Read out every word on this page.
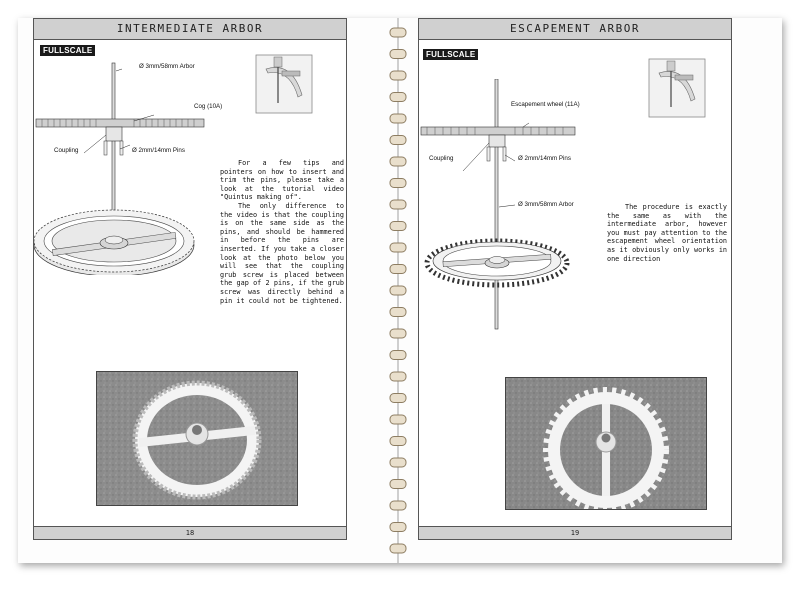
INTERMEDIATE ARBOR
FULLSCALE
Ø 3mm/58mm Arbor
Cog (10A)
Coupling	Ø 2mm/14mm Pins

For a few tips and pointers on how to insert and trim the pins, please take a look at the tutorial video "Quintus making of".

The only difference to the video is that the coupling is on the same side as the pins, and should be hammered in before the pins are inserted. If you take a closer look at the photo below you will see that the coupling grub screw is placed between the gap of 2 pins, if the grub screw was directly behind a pin it could not be tightened.

18
ESCAPEMENT ARBOR
FULLSCALE
Escapement wheel (11A)
Coupling	Ø 2mm/14mm Pins
Ø 3mm/58mm Arbor	The procedure is exactly the same as with the intermediate arbor, however you must pay attention to the escapement wheel orientation as it obviously only works in one direction

19
